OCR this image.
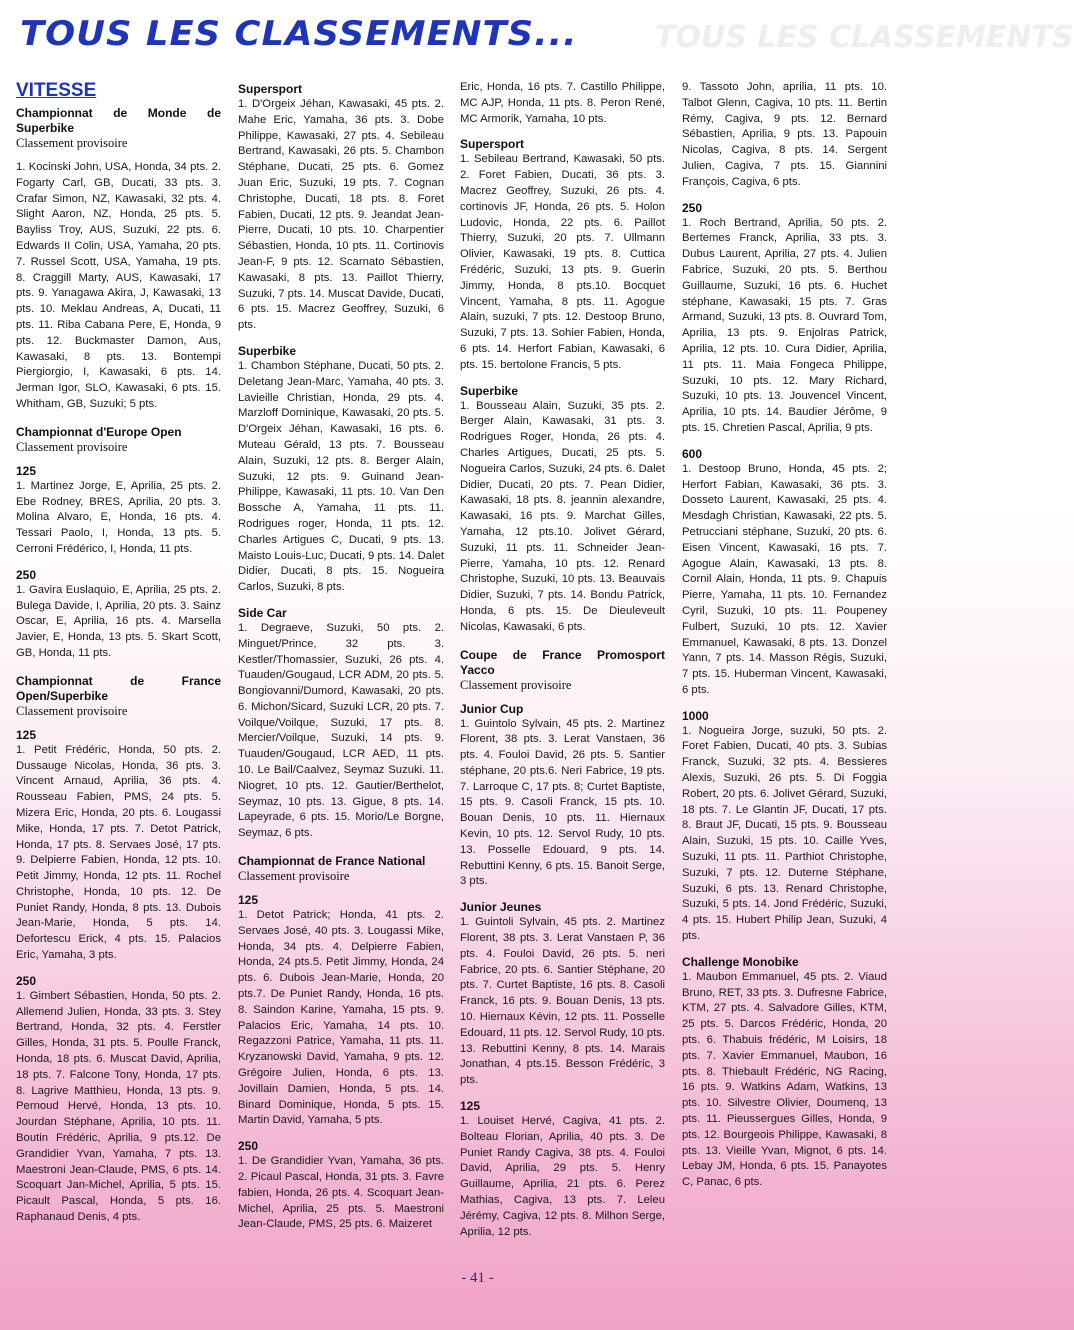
TOUS LES CLASSEMENTS...	TOUS LES CLASSEMENTS
VITESSE
Championnat de Monde de Superbike
Classement provisoire

1. Kocinski John, USA, Honda, 34 pts. 2. Fogarty Carl, GB, Ducati, 33 pts. 3. Crafar Simon, NZ, Kawasaki, 32 pts. 4. Slight Aaron, NZ, Honda, 25 pts. 5. Bayliss Troy, AUS, Suzuki, 22 pts. 6. Edwards II Colin, USA, Yamaha, 20 pts. 7. Russel Scott, USA, Yamaha, 19 pts. 8. Craggill Marty, AUS, Kawasaki, 17 pts. 9. Yanagawa Akira, J, Kawasaki, 13 pts. 10. Meklau Andreas, A, Ducati, 11 pts. 11. Riba Cabana Pere, E, Honda, 9 pts. 12. Buckmaster Damon, Aus, Kawasaki, 8 pts. 13. Bontempi Piergiorgio, I, Kawasaki, 6 pts. 14. Jerman Igor, SLO, Kawasaki, 6 pts. 15. Whitham, GB, Suzuki; 5 pts.

Championnat d'Europe Open
Classement provisoire
125

1. Martinez Jorge, E, Aprilia, 25 pts. 2. Ebe Rodney, BRES, Aprilia, 20 pts. 3. Molina Alvaro, E, Honda, 16 pts. 4. Tessari Paolo, I, Honda, 13 pts. 5. Cerroni Frédérico, I, Honda, 11 pts.

250

1. Gavira Euslaquio, E, Aprilia, 25 pts. 2. Bulega Davide, I, Aprilia, 20 pts. 3. Sainz Oscar, E, Aprilia, 16 pts. 4. Marsella Javier, E, Honda, 13 pts. 5. Skart Scott, GB, Honda, 11 pts.

Championnat de France Open/Superbike
Classement provisoire
125

1. Petit Frédéric, Honda, 50 pts. 2. Dussauge Nicolas, Honda, 36 pts. 3. Vincent Arnaud, Aprilia, 36 pts. 4. Rousseau Fabien, PMS, 24 pts. 5. Mizera Eric, Honda, 20 pts. 6. Lougassi Mike, Honda, 17 pts. 7. Detot Patrick, Honda, 17 pts. 8. Servaes José, 17 pts. 9. Delpierre Fabien, Honda, 12 pts. 10. Petit Jimmy, Honda, 12 pts. 11. Rochel Christophe, Honda, 10 pts. 12. De Puniet Randy, Honda, 8 pts. 13. Dubois Jean-Marie, Honda, 5 pts. 14. Defortescu Erick, 4 pts. 15. Palacios Eric, Yamaha, 3 pts.

250

1. Gimbert Sébastien, Honda, 50 pts. 2. Allemend Julien, Honda, 33 pts. 3. Stey Bertrand, Honda, 32 pts. 4. Ferstler Gilles, Honda, 31 pts. 5. Poulle Franck, Honda, 18 pts. 6. Muscat David, Aprilia, 18 pts. 7. Falcone Tony, Honda, 17 pts. 8. Lagrive Matthieu, Honda, 13 pts. 9. Pernoud Hervé, Honda, 13 pts. 10. Jourdan Stéphane, Aprilia, 10 pts. 11. Boutin Frédéric, Aprilia, 9 pts.12. De Grandidier Yvan, Yamaha, 7 pts. 13. Maestroni Jean-Claude, PMS, 6 pts. 14. Scoquart Jan-Michel, Aprilia, 5 pts. 15. Picault Pascal, Honda, 5 pts. 16. Raphanaud Denis, 4 pts.

Supersport

1. D'Orgeix Jéhan, Kawasaki, 45 pts. 2. Mahe Eric, Yamaha, 36 pts. 3. Dobe Philippe, Kawasaki, 27 pts. 4. Sebileau Bertrand, Kawasaki, 26 pts. 5. Chambon Stéphane, Ducati, 25 pts. 6. Gomez Juan Eric, Suzuki, 19 pts. 7. Cognan Christophe, Ducati, 18 pts. 8. Foret Fabien, Ducati, 12 pts. 9. Jeandat Jean-Pierre, Ducati, 10 pts. 10. Charpentier Sébastien, Honda, 10 pts. 11. Cortinovis Jean-F, 9 pts. 12. Scarnato Sébastien, Kawasaki, 8 pts. 13. Paillot Thierry, Suzuki, 7 pts. 14. Muscat Davide, Ducati, 6 pts. 15. Macrez Geoffrey, Suzuki, 6 pts.

Superbike

1. Chambon Stéphane, Ducati, 50 pts. 2. Deletang Jean-Marc, Yamaha, 40 pts. 3. Lavieille Christian, Honda, 29 pts. 4. Marzloff Dominique, Kawasaki, 20 pts. 5. D'Orgeix Jéhan, Kawasaki, 16 pts. 6. Muteau Gérald, 13 pts. 7. Bousseau Alain, Suzuki, 12 pts. 8. Berger Alain, Suzuki, 12 pts. 9. Guinand Jean-Philippe, Kawasaki, 11 pts. 10. Van Den Bossche A, Yamaha, 11 pts. 11. Rodrigues roger, Honda, 11 pts. 12. Charles Artigues C, Ducati, 9 pts. 13. Maisto Louis-Luc, Ducati, 9 pts. 14. Dalet Didier, Ducati, 8 pts. 15. Nogueira Carlos, Suzuki, 8 pts.

Side Car

1. Degraeve, Suzuki, 50 pts. 2. Minguet/Prince, 32 pts. 3. Kestler/Thomassier, Suzuki, 26 pts. 4. Tuauden/Gougaud, LCR ADM, 20 pts. 5. Bongiovanni/Dumord, Kawasaki, 20 pts. 6. Michon/Sicard, Suzuki LCR, 20 pts. 7. Voilque/Voilque, Suzuki, 17 pts. 8. Mercier/Voilque, Suzuki, 14 pts. 9. Tuauden/Gougaud, LCR AED, 11 pts. 10. Le Bail/Caalvez, Seymaz Suzuki. 11. Niogret, 10 pts. 12. Gautier/Berthelot, Seymaz, 10 pts. 13. Gigue, 8 pts. 14. Lapeyrade, 6 pts. 15. Morio/Le Borgne, Seymaz, 6 pts.

Championnat de France National
Classement provisoire
125

1. Detot Patrick; Honda, 41 pts. 2. Servaes José, 40 pts. 3. Lougassi Mike, Honda, 34 pts. 4. Delpierre Fabien, Honda, 24 pts.5. Petit Jimmy, Honda, 24 pts. 6. Dubois Jean-Marie, Honda, 20 pts.7. De Puniet Randy, Honda, 16 pts. 8. Saindon Karine, Yamaha, 15 pts. 9. Palacios Eric, Yamaha, 14 pts. 10. Regazzoni Patrice, Yamaha, 11 pts. 11. Kryzanowski David, Yamaha, 9 pts. 12. Grégoire Julien, Honda, 6 pts. 13. Jovillain Damien, Honda, 5 pts. 14. Binard Dominique, Honda, 5 pts. 15. Martin David, Yamaha, 5 pts.

250

1. De Grandidier Yvan, Yamaha, 36 pts. 2. Picaul Pascal, Honda, 31 pts. 3. Favre fabien, Honda, 26 pts. 4. Scoquart Jean-Michel, Aprilia, 25 pts. 5. Maestroni Jean-Claude, PMS, 25 pts. 6. Maizeret

Eric, Honda, 16 pts. 7. Castillo Philippe, MC AJP, Honda, 11 pts. 8. Peron René, MC Armorik, Yamaha, 10 pts.

Supersport

1. Sebileau Bertrand, Kawasaki, 50 pts. 2. Foret Fabien, Ducati, 36 pts. 3. Macrez Geoffrey, Suzuki, 26 pts. 4. cortinovis JF, Honda, 26 pts. 5. Holon Ludovic, Honda, 22 pts. 6. Paillot Thierry, Suzuki, 20 pts. 7. Ullmann Olivier, Kawasaki, 19 pts. 8. Cuttica Frédéric, Suzuki, 13 pts. 9. Guerin Jimmy, Honda, 8 pts.10. Bocquet Vincent, Yamaha, 8 pts. 11. Agogue Alain, suzuki, 7 pts. 12. Destoop Bruno, Suzuki, 7 pts. 13. Sohier Fabien, Honda, 6 pts. 14. Herfort Fabian, Kawasaki, 6 pts. 15. bertolone Francis, 5 pts.

Superbike

1. Bousseau Alain, Suzuki, 35 pts. 2. Berger Alain, Kawasaki, 31 pts. 3. Rodrigues Roger, Honda, 26 pts. 4. Charles Artigues, Ducati, 25 pts. 5. Nogueira Carlos, Suzuki, 24 pts. 6. Dalet Didier, Ducati, 20 pts. 7. Pean Didier, Kawasaki, 18 pts. 8. jeannin alexandre, Kawasaki, 16 pts. 9. Marchat Gilles, Yamaha, 12 pts.10. Jolivet Gérard, Suzuki, 11 pts. 11. Schneider Jean-Pierre, Yamaha, 10 pts. 12. Renard Christophe, Suzuki, 10 pts. 13. Beauvais Didier, Suzuki, 7 pts. 14. Bondu Patrick, Honda, 6 pts. 15. De Dieuleveult Nicolas, Kawasaki, 6 pts.

Coupe de France Promosport Yacco
Classement provisoire
Junior Cup

1. Guintolo Sylvain, 45 pts. 2. Martinez Florent, 38 pts. 3. Lerat Vanstaen, 36 pts. 4. Fouloi David, 26 pts. 5. Santier stéphane, 20 pts.6. Neri Fabrice, 19 pts. 7. Larroque C, 17 pts. 8; Curtet Baptiste, 15 pts. 9. Casoli Franck, 15 pts. 10. Bouan Denis, 10 pts. 11. Hiernaux Kevin, 10 pts. 12. Servol Rudy, 10 pts. 13. Posselle Edouard, 9 pts. 14. Rebuttini Kenny, 6 pts. 15. Banoit Serge, 3 pts.

Junior Jeunes

1. Guintoli Sylvain, 45 pts. 2. Martinez Florent, 38 pts. 3. Lerat Vanstaen P, 36 pts. 4. Fouloi David, 26 pts. 5. neri Fabrice, 20 pts. 6. Santier Stéphane, 20 pts. 7. Curtet Baptiste, 16 pts. 8. Casoli Franck, 16 pts. 9. Bouan Denis, 13 pts. 10. Hiernaux Kévin, 12 pts. 11. Posselle Edouard, 11 pts. 12. Servol Rudy, 10 pts. 13. Rebuttini Kenny, 8 pts. 14. Marais Jonathan, 4 pts.15. Besson Frédéric, 3 pts.

125

1. Louiset Hervé, Cagiva, 41 pts. 2. Bolteau Florian, Aprilia, 40 pts. 3. De Puniet Randy Cagiva, 38 pts. 4. Fouloi David, Aprilia, 29 pts. 5. Henry Guillaume, Aprilia, 21 pts. 6. Perez Mathias, Cagiva, 13 pts. 7. Leleu Jérémy, Cagiva, 12 pts. 8. Milhon Serge, Aprilia, 12 pts.

9. Tassoto John, aprilia, 11 pts. 10. Talbot Glenn, Cagiva, 10 pts. 11. Bertin Rémy, Cagiva, 9 pts. 12. Bernard Sébastien, Aprilia, 9 pts. 13. Papouin Nicolas, Cagiva, 8 pts. 14. Sergent Julien, Cagiva, 7 pts. 15. Giannini François, Cagiva, 6 pts.

250

1. Roch Bertrand, Aprilia, 50 pts. 2. Bertemes Franck, Aprilia, 33 pts. 3. Dubus Laurent, Aprilia, 27 pts. 4. Julien Fabrice, Suzuki, 20 pts. 5. Berthou Guillaume, Suzuki, 16 pts. 6. Huchet stéphane, Kawasaki, 15 pts. 7. Gras Armand, Suzuki, 13 pts. 8. Ouvrard Tom, Aprilia, 13 pts. 9. Enjolras Patrick, Aprilia, 12 pts. 10. Cura Didier, Aprilia, 11 pts. 11. Maia Fongeca Philippe, Suzuki, 10 pts. 12. Mary Richard, Suzuki, 10 pts. 13. Jouvencel Vincent, Aprilia, 10 pts. 14. Baudier Jérôme, 9 pts. 15. Chretien Pascal, Aprilia, 9 pts.

600

1. Destoop Bruno, Honda, 45 pts. 2; Herfort Fabian, Kawasaki, 36 pts. 3. Dosseto Laurent, Kawasaki, 25 pts. 4. Mesdagh Christian, Kawasaki, 22 pts. 5. Petrucciani stéphane, Suzuki, 20 pts. 6. Eisen Vincent, Kawasaki, 16 pts. 7. Agogue Alain, Kawasaki, 13 pts. 8. Cornil Alain, Honda, 11 pts. 9. Chapuis Pierre, Yamaha, 11 pts. 10. Fernandez Cyril, Suzuki, 10 pts. 11. Poupeney Fulbert, Suzuki, 10 pts. 12. Xavier Emmanuel, Kawasaki, 8 pts. 13. Donzel Yann, 7 pts. 14. Masson Régis, Suzuki, 7 pts. 15. Huberman Vincent, Kawasaki, 6 pts.

1000

1. Nogueira Jorge, suzuki, 50 pts. 2. Foret Fabien, Ducati, 40 pts. 3. Subias Franck, Suzuki, 32 pts. 4. Bessieres Alexis, Suzuki, 26 pts. 5. Di Foggia Robert, 20 pts. 6. Jolivet Gérard, Suzuki, 18 pts. 7. Le Glantin JF, Ducati, 17 pts. 8. Braut JF, Ducati, 15 pts. 9. Bousseau Alain, Suzuki, 15 pts. 10. Caille Yves, Suzuki, 11 pts. 11. Parthiot Christophe, Suzuki, 7 pts. 12. Duterne Stéphane, Suzuki, 6 pts. 13. Renard Christophe, Suzuki, 5 pts. 14. Jond Frédéric, Suzuki, 4 pts. 15. Hubert Philip Jean, Suzuki, 4 pts.

Challenge Monobike

1. Maubon Emmanuel, 45 pts. 2. Viaud Bruno, RET, 33 pts. 3. Dufresne Fabrice, KTM, 27 pts. 4. Salvadore Gilles, KTM, 25 pts. 5. Darcos Frédéric, Honda, 20 pts. 6. Thabuis frédéric, M Loisirs, 18 pts. 7. Xavier Emmanuel, Maubon, 16 pts. 8. Thiebault Frédéric, NG Racing, 16 pts. 9. Watkins Adam, Watkins, 13 pts. 10. Silvestre Olivier, Doumenq, 13 pts. 11. Pieussergues Gilles, Honda, 9 pts. 12. Bourgeois Philippe, Kawasaki, 8 pts. 13. Vieille Yvan, Mignot, 6 pts. 14. Lebay JM, Honda, 6 pts. 15. Panayotes C, Panac, 6 pts.

- 41 -
